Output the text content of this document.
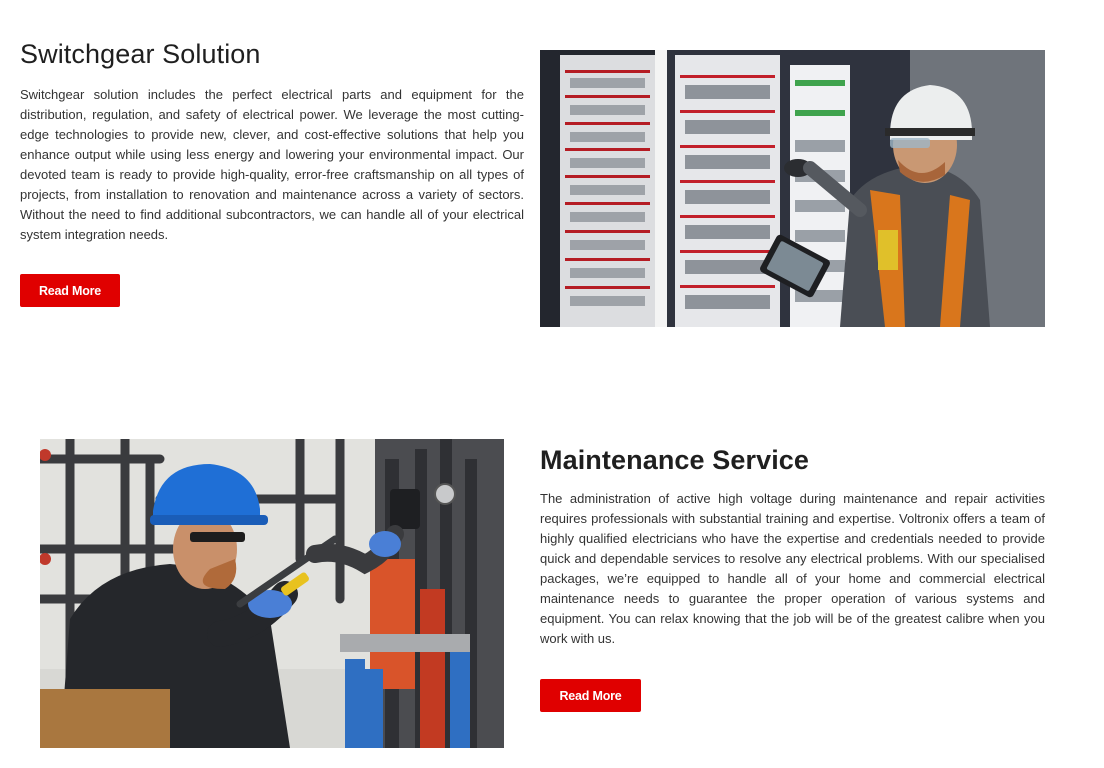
Switchgear Solution

Switchgear solution includes the perfect electrical parts and equipment for the distribution, regulation, and safety of electrical power. We leverage the most cutting-edge technologies to provide new, clever, and cost-effective solutions that help you enhance output while using less energy and lowering your environmental impact. Our devoted team is ready to provide high-quality, error-free craftsmanship on all types of projects, from installation to renovation and maintenance across a variety of sectors. Without the need to find additional subcontractors, we can handle all of your electrical system integration needs.

Read More
Maintenance Service

The administration of active high voltage during maintenance and repair activities requires professionals with substantial training and expertise. Voltronix offers a team of highly qualified electricians who have the expertise and credentials needed to provide quick and dependable services to resolve any electrical problems. With our specialised packages, we’re equipped to handle all of your home and commercial electrical maintenance needs to guarantee the proper operation of various systems and equipment. You can relax knowing that the job will be of the greatest calibre when you work with us.

Read More
